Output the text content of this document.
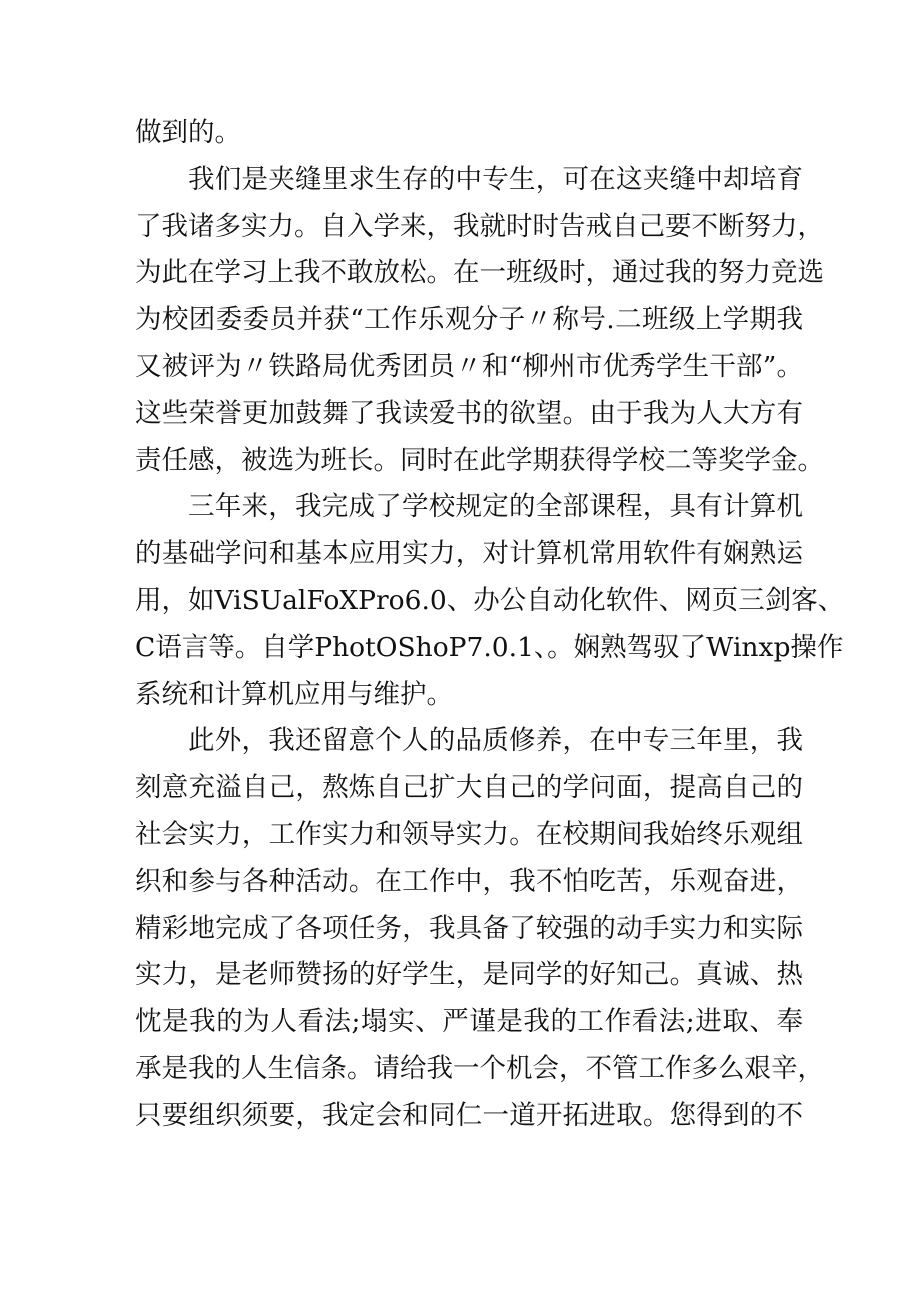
做到的。
我们是夹缝里求生存的中专生，可在这夹缝中却培育
了我诸多实力。自入学来，我就时时告戒自己要不断努力，
为此在学习上我不敢放松。在一班级时，通过我的努力竞选
为校团委委员并获“工作乐观分子〃称号.二班级上学期我
又被评为〃铁路局优秀团员〃和“柳州市优秀学生干部”。
这些荣誉更加鼓舞了我读爱书的欲望。由于我为人大方有
责任感，被选为班长。同时在此学期获得学校二等奖学金。
三年来，我完成了学校规定的全部课程，具有计算机
的基础学问和基本应用实力，对计算机常用软件有娴熟运
用，如ViSUalFoXPro6.0、办公自动化软件、网页三剑客、
C语言等。自学PhotOShoP7.0.1、。娴熟驾驭了Winxp操作
系统和计算机应用与维护。
此外，我还留意个人的品质修养，在中专三年里，我
刻意充溢自己，熬炼自己扩大自己的学问面，提高自己的
社会实力，工作实力和领导实力。在校期间我始终乐观组
织和参与各种活动。在工作中，我不怕吃苦，乐观奋进，
精彩地完成了各项任务，我具备了较强的动手实力和实际
实力，是老师赞扬的好学生，是同学的好知己。真诚、热
忱是我的为人看法;塌实、严谨是我的工作看法;进取、奉
承是我的人生信条。请给我一个机会，不管工作多么艰辛，
只要组织须要，我定会和同仁一道开拓进取。您得到的不
